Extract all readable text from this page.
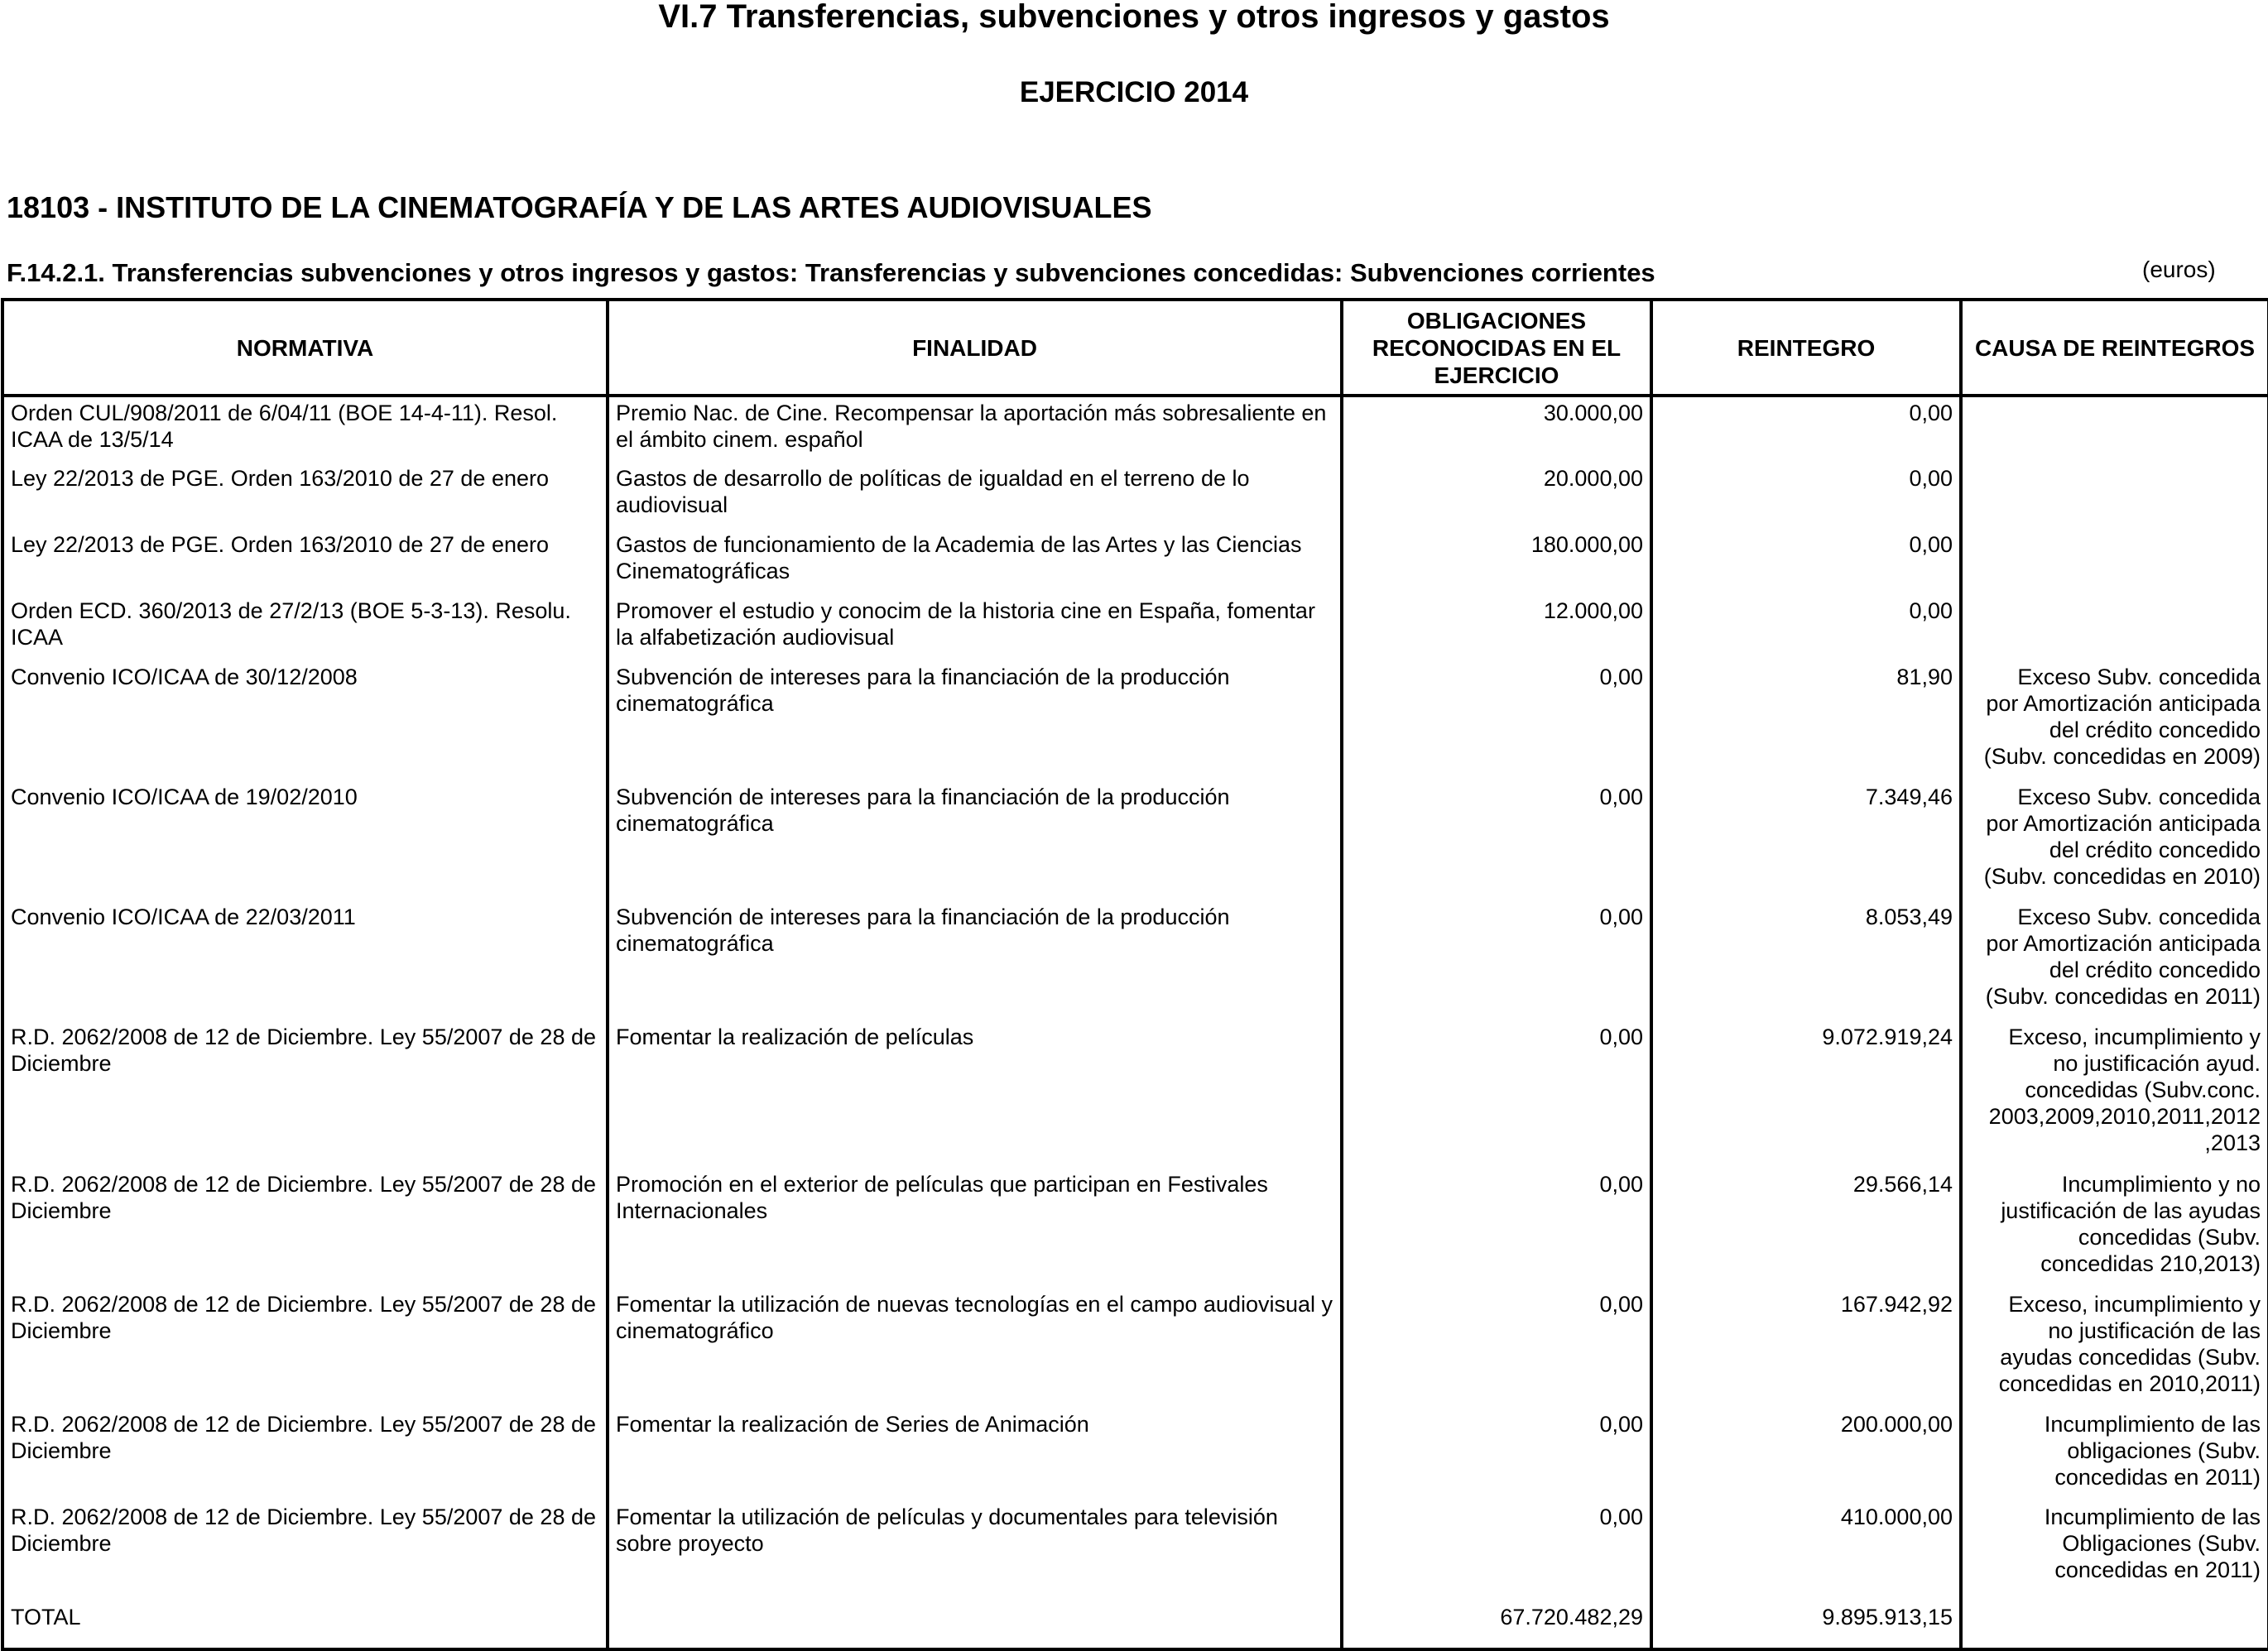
VI.7 Transferencias, subvenciones y otros ingresos y gastos
EJERCICIO 2014
18103 - INSTITUTO DE LA CINEMATOGRAFÍA Y DE LAS ARTES AUDIOVISUALES
F.14.2.1. Transferencias subvenciones y otros ingresos y gastos: Transferencias y subvenciones concedidas: Subvenciones corrientes	(euros)
NORMATIVA	FINALIDAD	OBLIGACIONES RECONOCIDAS EN EL EJERCICIO	REINTEGRO	CAUSA DE REINTEGROS
Orden CUL/908/2011 de 6/04/11 (BOE 14-4-11). Resol. ICAA de 13/5/14	Premio Nac. de Cine. Recompensar la aportación más sobresaliente en el ámbito cinem. español	30.000,00	0,00	
Ley 22/2013 de PGE. Orden 163/2010 de 27 de enero	Gastos de desarrollo de políticas de igualdad en el terreno de lo audiovisual	20.000,00	0,00	
Ley 22/2013 de PGE. Orden 163/2010 de 27 de enero	Gastos de funcionamiento de la Academia de las Artes y las Ciencias Cinematográficas	180.000,00	0,00	
Orden ECD. 360/2013 de 27/2/13 (BOE 5-3-13). Resolu. ICAA	Promover el estudio y conocim de la historia cine en España, fomentar la alfabetización audiovisual	12.000,00	0,00	
Convenio ICO/ICAA de 30/12/2008	Subvención de intereses para la financiación de la producción cinematográfica	0,00	81,90	Exceso Subv. concedida
por Amortización anticipada
del crédito concedido
(Subv. concedidas en 2009)

Convenio ICO/ICAA de 19/02/2010	Subvención de intereses para la financiación de la producción cinematográfica	0,00	7.349,46	Exceso Subv. concedida
por Amortización anticipada
del crédito concedido
(Subv. concedidas en 2010)

Convenio ICO/ICAA de 22/03/2011	Subvención de intereses para la financiación de la producción cinematográfica	0,00	8.053,49	Exceso Subv. concedida
por Amortización anticipada
del crédito concedido
(Subv. concedidas en 2011)

R.D. 2062/2008 de 12 de Diciembre. Ley 55/2007 de 28 de Diciembre	Fomentar la realización de películas	0,00	9.072.919,24	Exceso, incumplimiento y
no justificación ayud.
concedidas (Subv.conc.
2003,2009,2010,2011,2012
,2013

R.D. 2062/2008 de 12 de Diciembre. Ley 55/2007 de 28 de Diciembre	Promoción en el exterior de películas que participan en Festivales Internacionales	0,00	29.566,14	Incumplimiento y no
justificación de las ayudas
concedidas (Subv.
concedidas 210,2013)

R.D. 2062/2008 de 12 de Diciembre. Ley 55/2007 de 28 de Diciembre	Fomentar la utilización de nuevas tecnologías en el campo audiovisual y cinematográfico	0,00	167.942,92	Exceso, incumplimiento y
no justificación de las
ayudas concedidas (Subv.
concedidas en 2010,2011)

R.D. 2062/2008 de 12 de Diciembre. Ley 55/2007 de 28 de Diciembre	Fomentar la realización de Series de Animación	0,00	200.000,00	Incumplimiento de las
obligaciones (Subv.
concedidas en 2011)

R.D. 2062/2008 de 12 de Diciembre. Ley 55/2007 de 28 de Diciembre	Fomentar la utilización de películas y documentales para televisión sobre proyecto	0,00	410.000,00	Incumplimiento de las
Obligaciones (Subv.
concedidas en 2011)

TOTAL		67.720.482,29	9.895.913,15	
